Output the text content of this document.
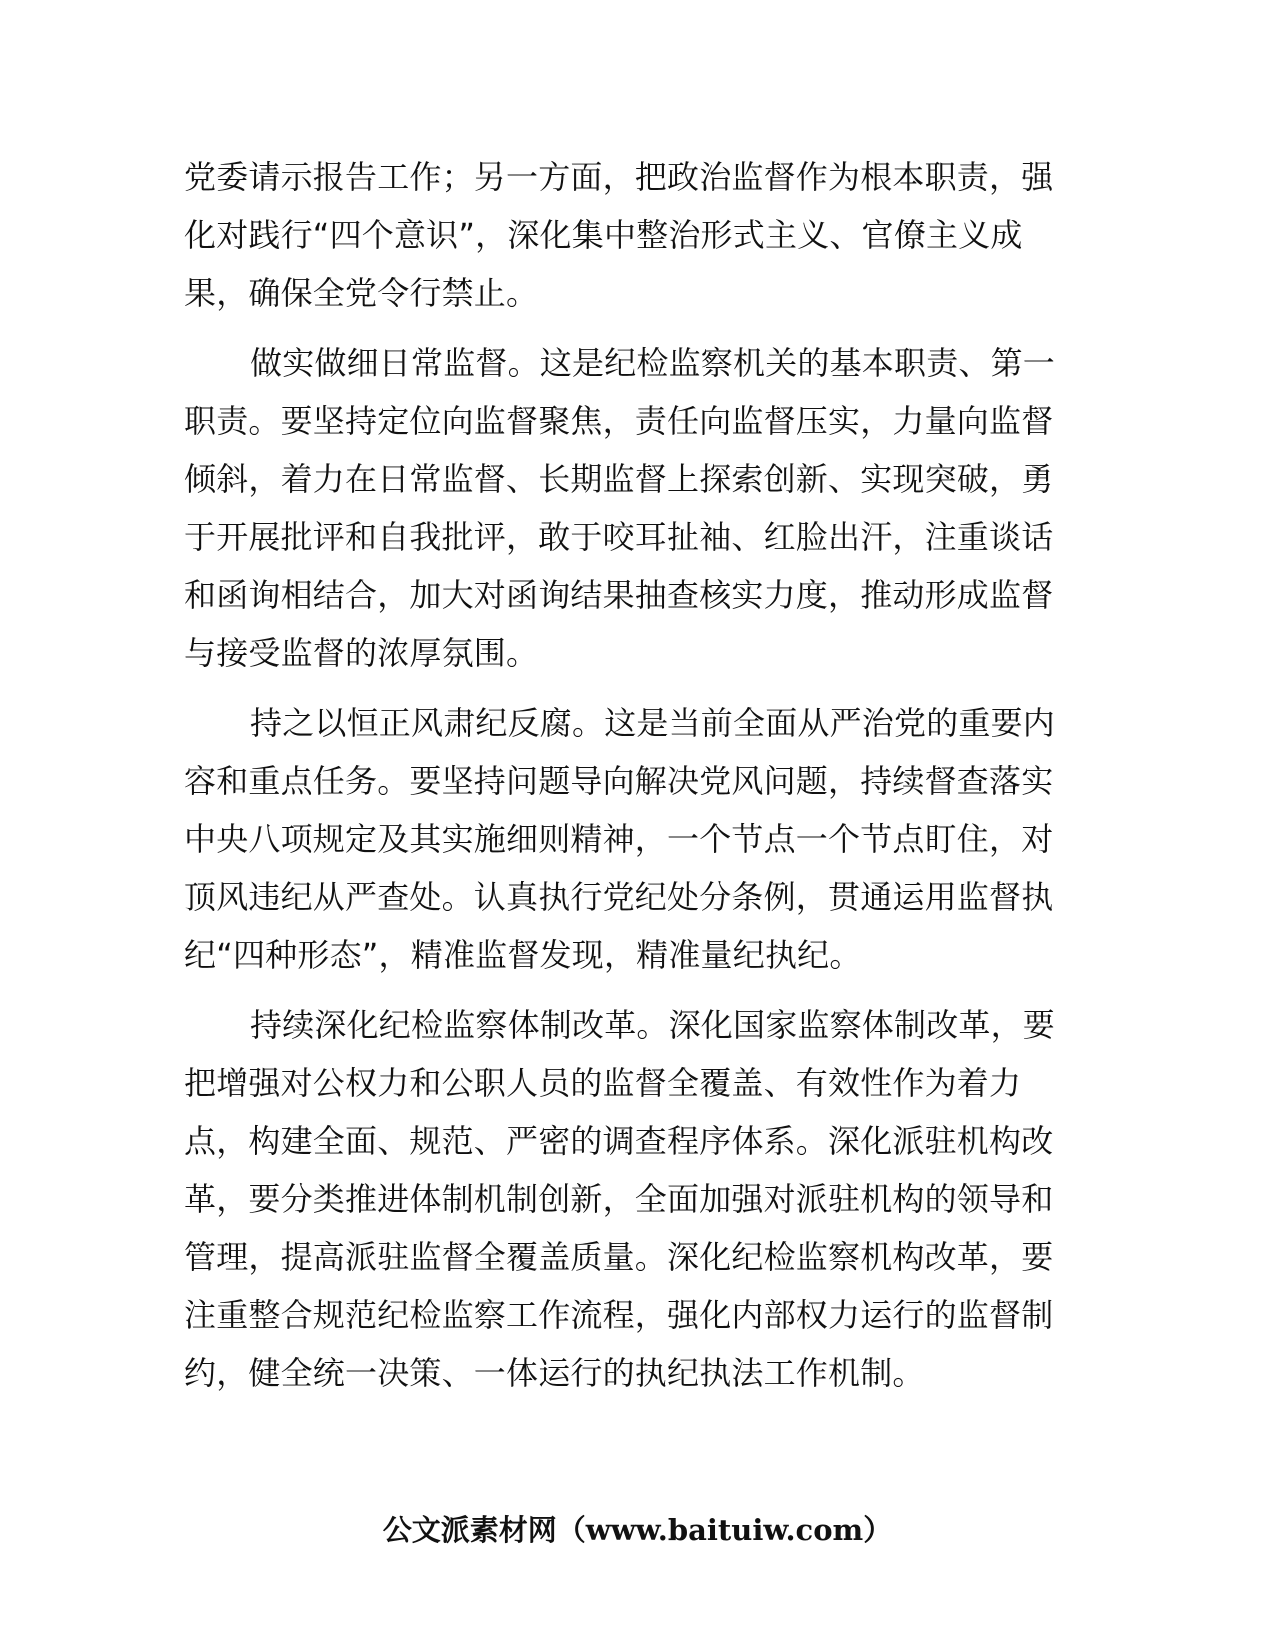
党委请示报告工作；另一方面，把政治监督作为根本职责，强
化对践行“四个意识”，深化集中整治形式主义、官僚主义成
果，确保全党令行禁止。
做实做细日常监督。这是纪检监察机关的基本职责、第一
职责。要坚持定位向监督聚焦，责任向监督压实，力量向监督
倾斜，着力在日常监督、长期监督上探索创新、实现突破，勇
于开展批评和自我批评，敢于咬耳扯袖、红脸出汗，注重谈话
和函询相结合，加大对函询结果抽查核实力度，推动形成监督
与接受监督的浓厚氛围。
持之以恒正风肃纪反腐。这是当前全面从严治党的重要内
容和重点任务。要坚持问题导向解决党风问题，持续督查落实
中央八项规定及其实施细则精神，一个节点一个节点盯住，对
顶风违纪从严查处。认真执行党纪处分条例，贯通运用监督执
纪“四种形态”，精准监督发现，精准量纪执纪。
持续深化纪检监察体制改革。深化国家监察体制改革，要
把增强对公权力和公职人员的监督全覆盖、有效性作为着力
点，构建全面、规范、严密的调查程序体系。深化派驻机构改
革，要分类推进体制机制创新，全面加强对派驻机构的领导和
管理，提高派驻监督全覆盖质量。深化纪检监察机构改革，要
注重整合规范纪检监察工作流程，强化内部权力运行的监督制
约，健全统一决策、一体运行的执纪执法工作机制。
公文派素材网（www.baituiw.com）
